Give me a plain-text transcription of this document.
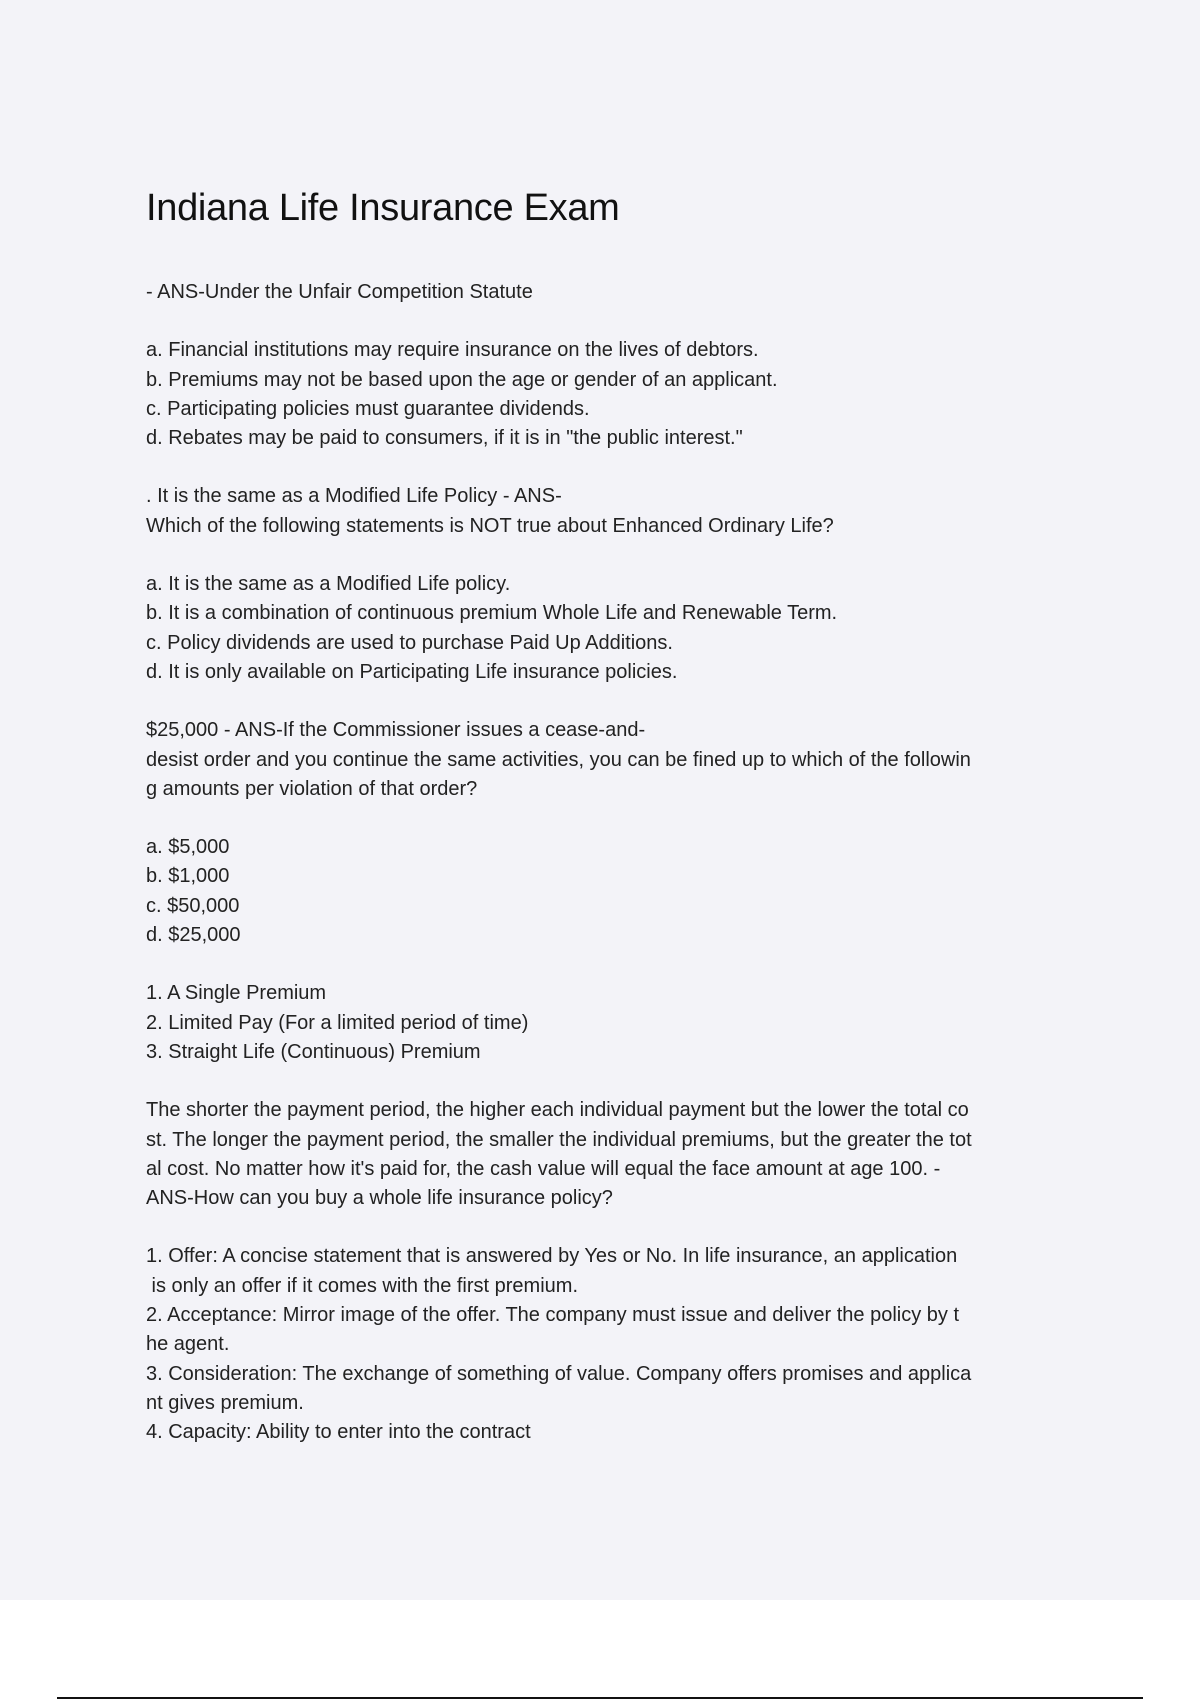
Indiana Life Insurance Exam
- ANS-Under the Unfair Competition Statute
a. Financial institutions may require insurance on the lives of debtors.
b. Premiums may not be based upon the age or gender of an applicant.
c. Participating policies must guarantee dividends.
d. Rebates may be paid to consumers, if it is in "the public interest."
. It is the same as a Modified Life Policy - ANS-
Which of the following statements is NOT true about Enhanced Ordinary Life?
a. It is the same as a Modified Life policy.
b. It is a combination of continuous premium Whole Life and Renewable Term.
c. Policy dividends are used to purchase Paid Up Additions.
d. It is only available on Participating Life insurance policies.
$25,000 - ANS-If the Commissioner issues a cease-and-
desist order and you continue the same activities, you can be fined up to which of the followin
g amounts per violation of that order?
a. $5,000
b. $1,000
c. $50,000
d. $25,000
1. A Single Premium
2. Limited Pay (For a limited period of time)
3. Straight Life (Continuous) Premium
The shorter the payment period, the higher each individual payment but the lower the total co
st. The longer the payment period, the smaller the individual premiums, but the greater the tot
al cost. No matter how it's paid for, the cash value will equal the face amount at age 100. -
ANS-How can you buy a whole life insurance policy?
1. Offer: A concise statement that is answered by Yes or No. In life insurance, an application
is only an offer if it comes with the first premium.
2. Acceptance: Mirror image of the offer. The company must issue and deliver the policy by t
he agent.
3. Consideration: The exchange of something of value. Company offers promises and applica
nt gives premium.
4. Capacity: Ability to enter into the contract
